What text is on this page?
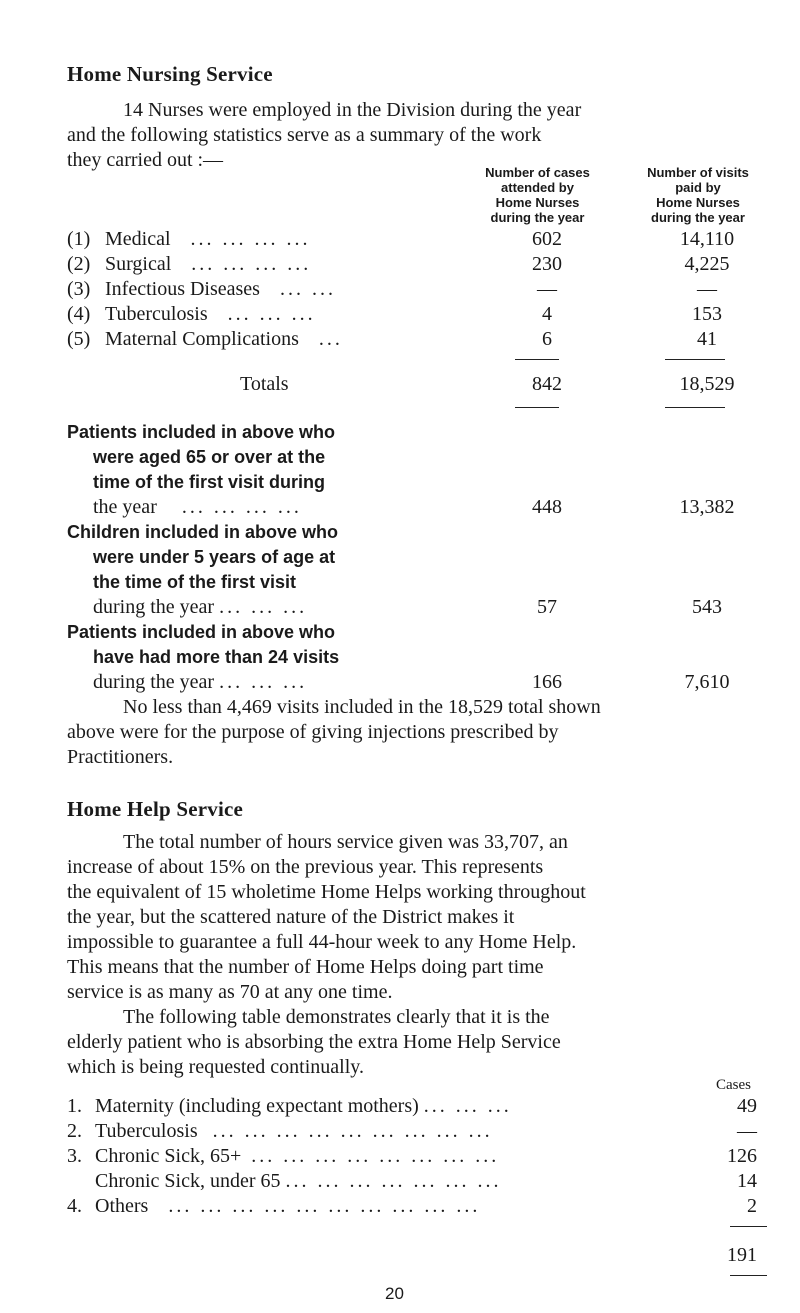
Home Nursing Service
14 Nurses were employed in the Division during the year
and the following statistics serve as a summary of the work
they carried out :—
Number of cases
attended by
Home Nurses
during the year
Number of visits
paid by
Home Nurses
during the year
(1) Medical ... ... ... ...	602	14,110
(2) Surgical ... ... ... ...	230	4,225
(3) Infectious Diseases ... ...	—	—
(4) Tuberculosis ... ... ...	4	153
(5) Maternal Complications ...	6	41
Totals	842	18,529
Patients included in above who
were aged 65 or over at the
time of the first visit during
the year ... ... ... ...	448	13,382
Children included in above who
were under 5 years of age at
the time of the first visit
during the year ... ... ...	57	543
Patients included in above who
have had more than 24 visits
during the year ... ... ...	166	7,610
No less than 4,469 visits included in the 18,529 total shown
above were for the purpose of giving injections prescribed by
Practitioners.
Home Help Service
The total number of hours service given was 33,707, an
increase of about 15% on the previous year. This represents
the equivalent of 15 wholetime Home Helps working throughout
the year, but the scattered nature of the District makes it
impossible to guarantee a full 44-hour week to any Home Help.
This means that the number of Home Helps doing part time
service is as many as 70 at any one time.
The following table demonstrates clearly that it is the
elderly patient who is absorbing the extra Home Help Service
which is being requested continually.
Cases
1. Maternity (including expectant mothers) ... ... ...	49
2. Tuberculosis ... ... ... ... ... ... ... ... ...	—
3. Chronic Sick, 65+ ... ... ... ... ... ... ... ...	126
Chronic Sick, under 65 ... ... ... ... ... ... ...	14
4. Others ... ... ... ... ... ... ... ... ... ...	2
191
20
